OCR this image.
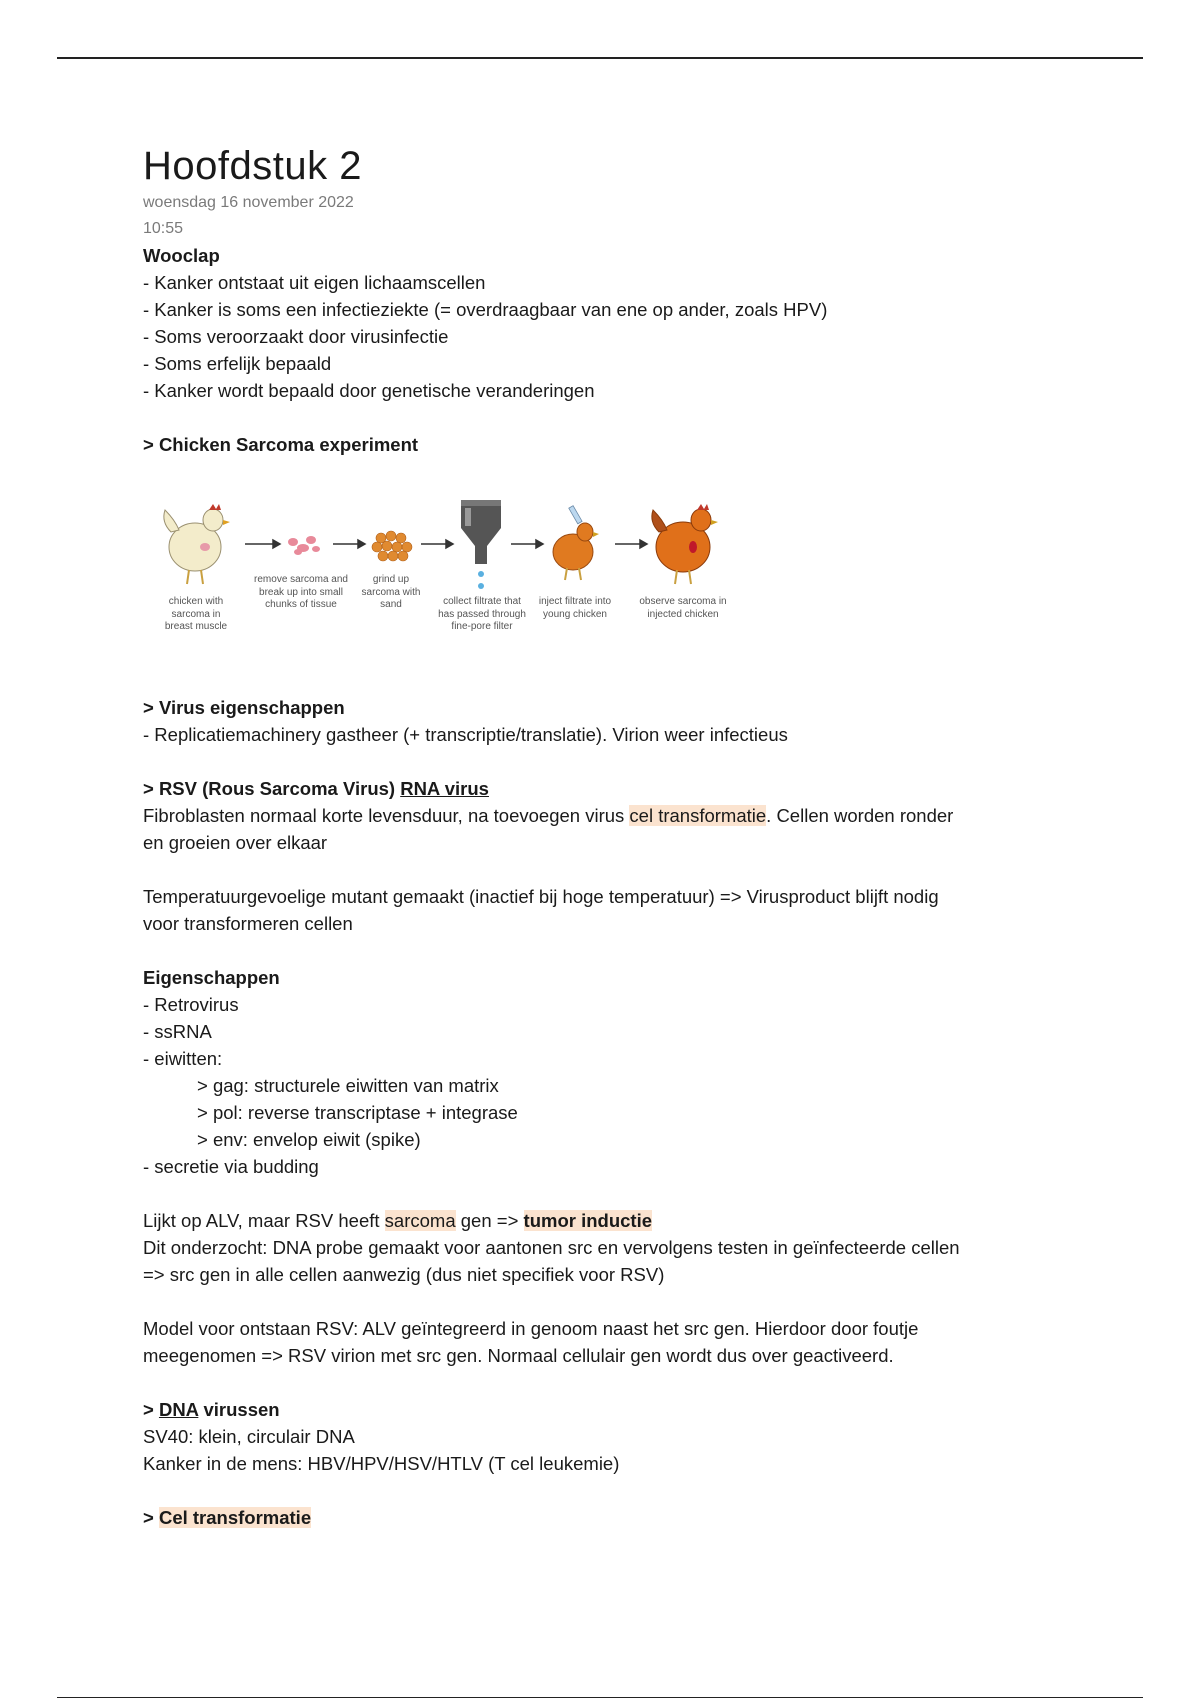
Hoofdstuk 2
woensdag 16 november 2022
10:55
Wooclap
- Kanker ontstaat uit eigen lichaamscellen
- Kanker is soms een infectieziekte (= overdraagbaar van ene op ander, zoals HPV)
- Soms veroorzaakt door virusinfectie
- Soms erfelijk bepaald
- Kanker wordt bepaald door genetische veranderingen
> Chicken Sarcoma experiment
chicken with sarcoma in breast muscle
remove sarcoma and break up into small chunks of tissue
grind up sarcoma with sand	collect filtrate that has passed through fine-pore filter
inject filtrate into young chicken
observe sarcoma in injected chicken
> Virus eigenschappen
- Replicatiemachinery gastheer (+ transcriptie/translatie). Virion weer infectieus
> RSV (Rous Sarcoma Virus) RNA virus
Fibroblasten normaal korte levensduur, na toevoegen virus cel transformatie. Cellen worden ronder
en groeien over elkaar
Temperatuurgevoelige mutant gemaakt (inactief bij hoge temperatuur) => Virusproduct blijft nodig
voor transformeren cellen
Eigenschappen
- Retrovirus
- ssRNA
- eiwitten:
> gag: structurele eiwitten van matrix
> pol: reverse transcriptase + integrase
> env: envelop eiwit (spike)
- secretie via budding
Lijkt op ALV, maar RSV heeft sarcoma gen => tumor inductie
Dit onderzocht: DNA probe gemaakt voor aantonen src en vervolgens testen in geïnfecteerde cellen
=> src gen in alle cellen aanwezig (dus niet specifiek voor RSV)
Model voor ontstaan RSV: ALV geïntegreerd in genoom naast het src gen. Hierdoor door foutje
meegenomen => RSV virion met src gen. Normaal cellulair gen wordt dus over geactiveerd.
> DNA virussen
SV40: klein, circulair DNA
Kanker in de mens: HBV/HPV/HSV/HTLV (T cel leukemie)
> Cel transformatie
